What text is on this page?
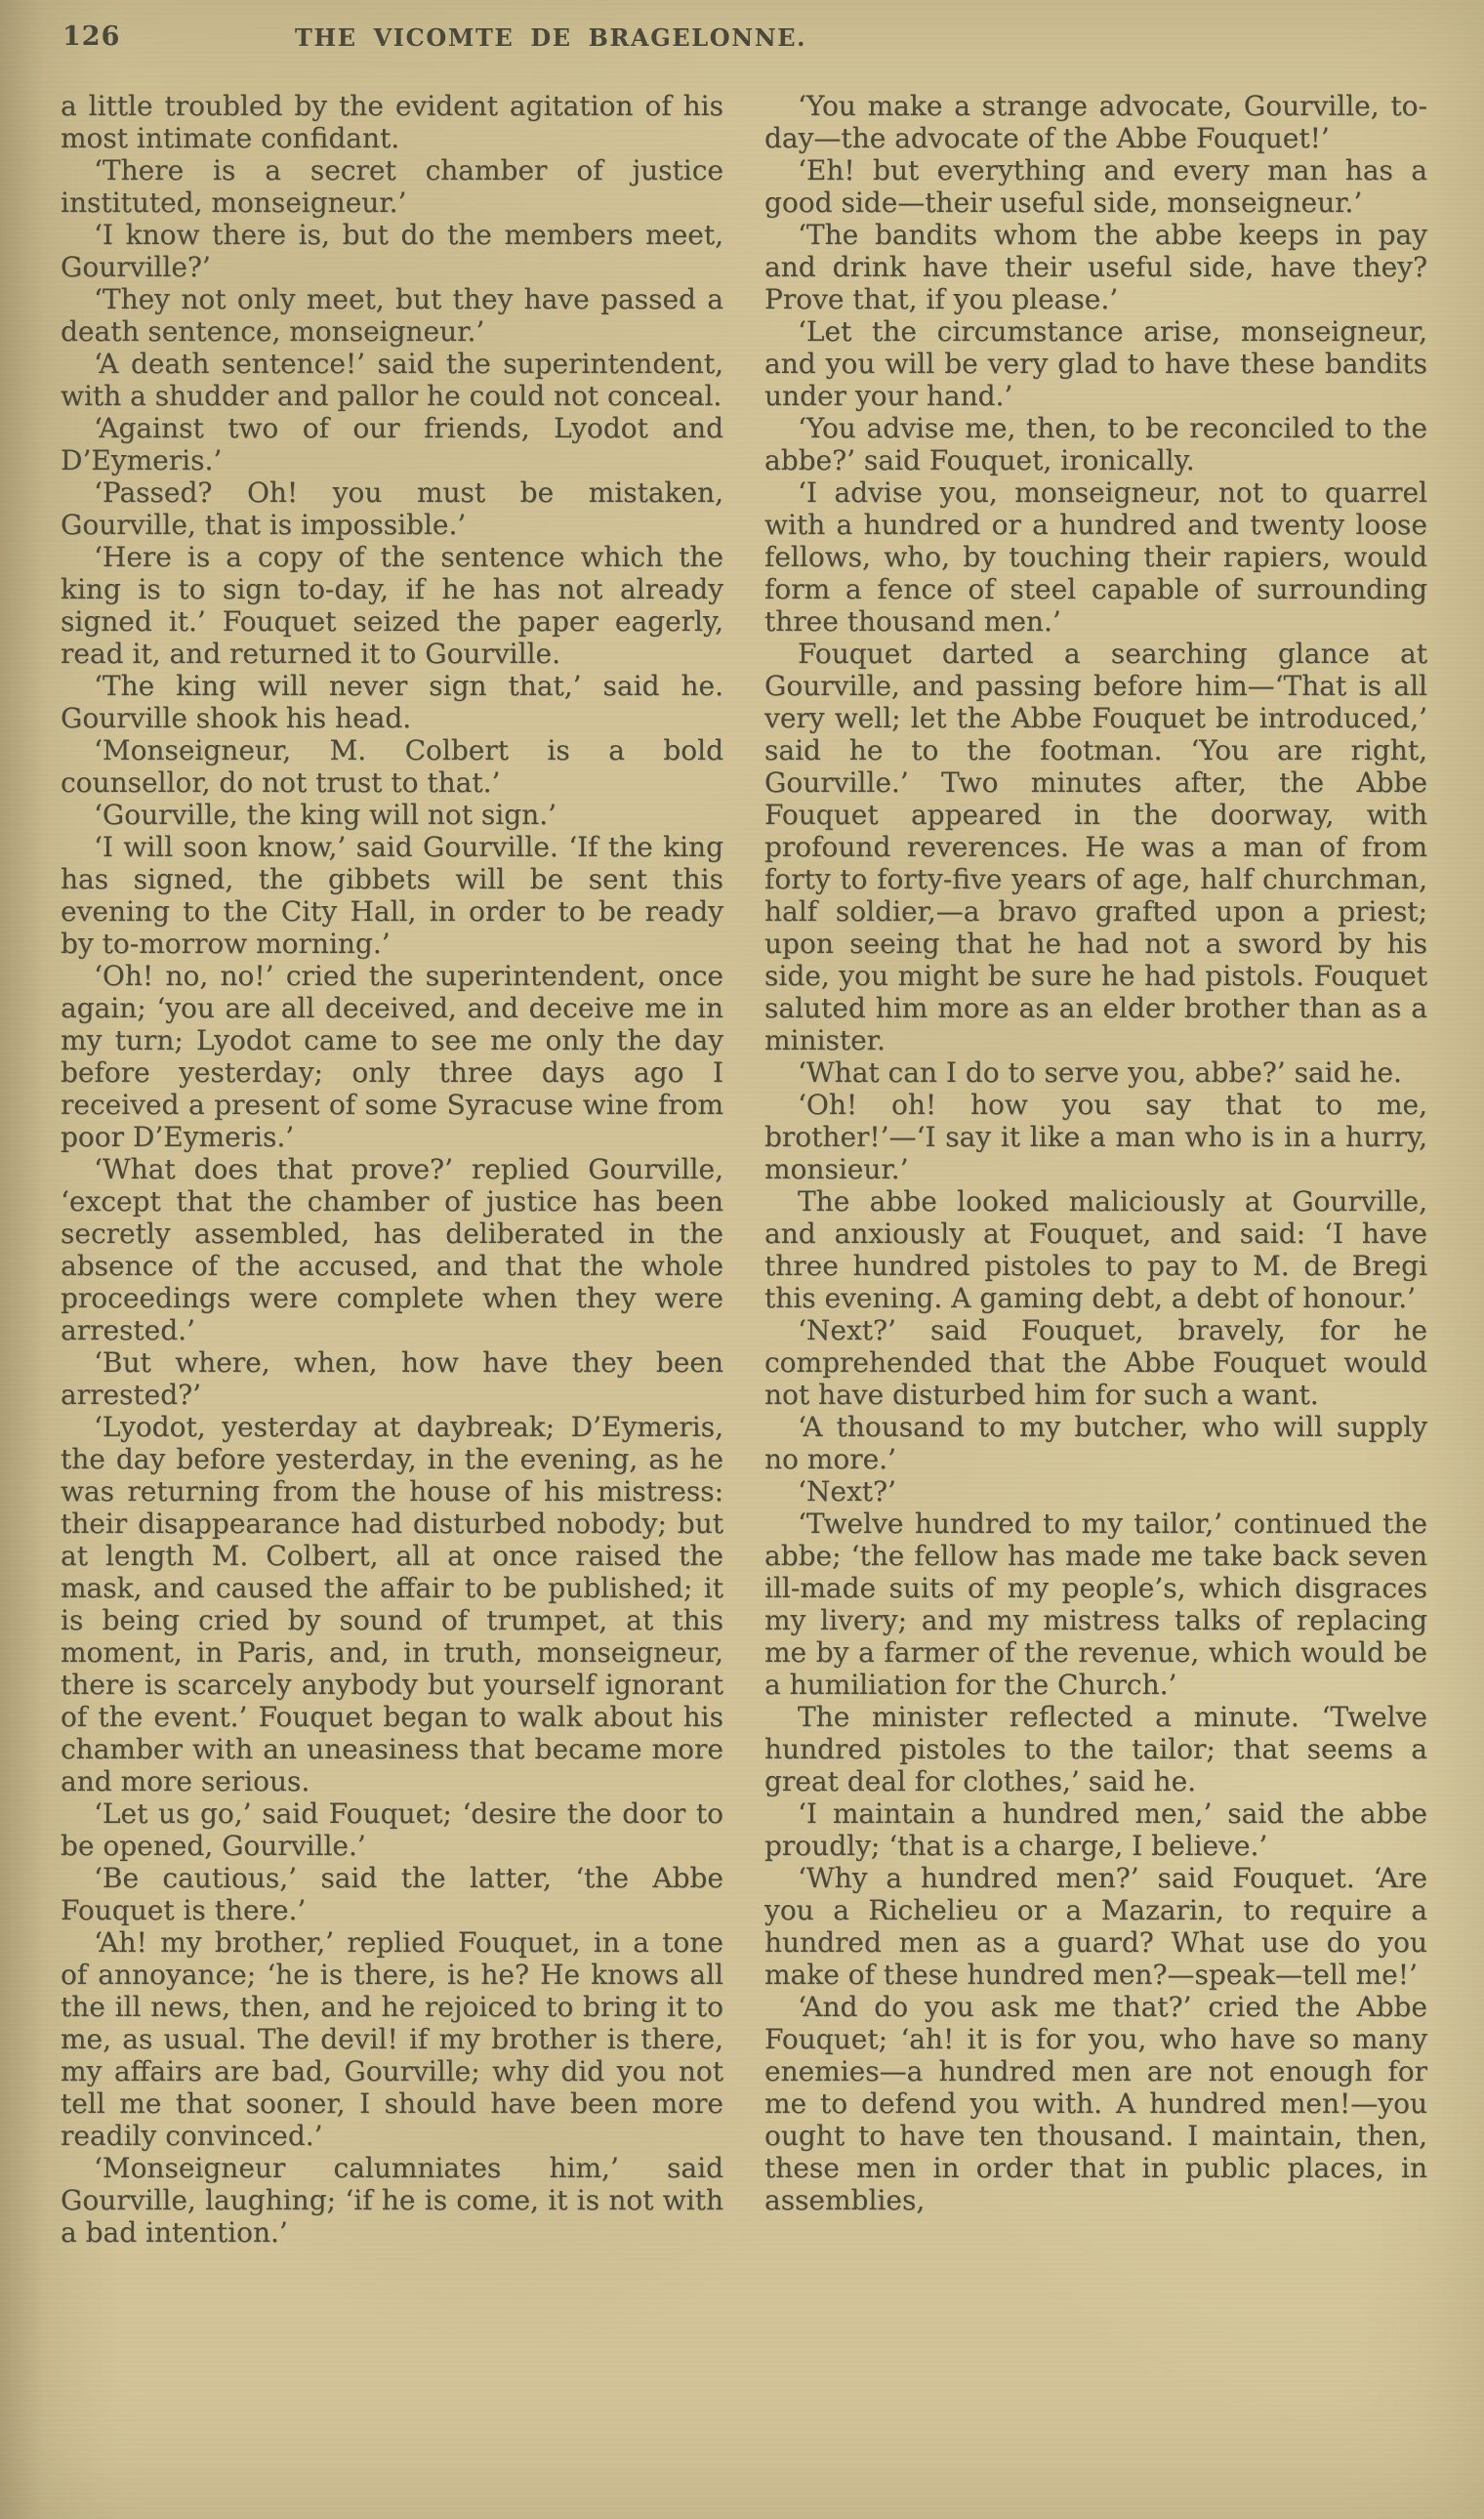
126	THE VICOMTE DE BRAGELONNE.

a little troubled by the evident agitation of his most intimate confidant.

‘There is a secret chamber of justice instituted, monseigneur.’

‘I know there is, but do the members meet, Gourville?’

‘They not only meet, but they have passed a death sentence, monseigneur.’

‘A death sentence!’ said the superintendent, with a shudder and pallor he could not conceal.

‘Against two of our friends, Lyodot and D’Eymeris.’

‘Passed? Oh! you must be mistaken, Gourville, that is impossible.’

‘Here is a copy of the sentence which the king is to sign to-day, if he has not already signed it.’ Fouquet seized the paper eagerly, read it, and returned it to Gourville.

‘The king will never sign that,’ said he. Gourville shook his head.

‘Monseigneur, M. Colbert is a bold counsellor, do not trust to that.’

‘Gourville, the king will not sign.’

‘I will soon know,’ said Gourville. ‘If the king has signed, the gibbets will be sent this evening to the City Hall, in order to be ready by to-morrow morning.’

‘Oh! no, no!’ cried the superintendent, once again; ‘you are all deceived, and deceive me in my turn; Lyodot came to see me only the day before yesterday; only three days ago I received a present of some Syracuse wine from poor D’Eymeris.’

‘What does that prove?’ replied Gourville, ‘except that the chamber of justice has been secretly assembled, has deliberated in the absence of the accused, and that the whole proceedings were complete when they were arrested.’

‘But where, when, how have they been arrested?’

‘Lyodot, yesterday at daybreak; D’Eymeris, the day before yesterday, in the evening, as he was returning from the house of his mistress: their disappearance had disturbed nobody; but at length M. Colbert, all at once raised the mask, and caused the affair to be published; it is being cried by sound of trumpet, at this moment, in Paris, and, in truth, monseigneur, there is scarcely anybody but yourself ignorant of the event.’ Fouquet began to walk about his chamber with an uneasiness that became more and more serious.

‘Let us go,’ said Fouquet; ‘desire the door to be opened, Gourville.’

‘Be cautious,’ said the latter, ‘the Abbe Fouquet is there.’

‘Ah! my brother,’ replied Fouquet, in a tone of annoyance; ‘he is there, is he? He knows all the ill news, then, and he rejoiced to bring it to me, as usual. The devil! if my brother is there, my affairs are bad, Gourville; why did you not tell me that sooner, I should have been more readily convinced.’

‘Monseigneur calumniates him,’ said Gourville, laughing; ‘if he is come, it is not with a bad intention.’

‘You make a strange advocate, Gourville, to-day—the advocate of the Abbe Fouquet!’

‘Eh! but everything and every man has a good side—their useful side, monseigneur.’

‘The bandits whom the abbe keeps in pay and drink have their useful side, have they? Prove that, if you please.’

‘Let the circumstance arise, monseigneur, and you will be very glad to have these bandits under your hand.’

‘You advise me, then, to be reconciled to the abbe?’ said Fouquet, ironically.

‘I advise you, monseigneur, not to quarrel with a hundred or a hundred and twenty loose fellows, who, by touching their rapiers, would form a fence of steel capable of surrounding three thousand men.’

Fouquet darted a searching glance at Gourville, and passing before him—‘That is all very well; let the Abbe Fouquet be introduced,’ said he to the footman. ‘You are right, Gourville.’ Two minutes after, the Abbe Fouquet appeared in the doorway, with profound reverences. He was a man of from forty to forty-five years of age, half churchman, half soldier,—a bravo grafted upon a priest; upon seeing that he had not a sword by his side, you might be sure he had pistols. Fouquet saluted him more as an elder brother than as a minister.

‘What can I do to serve you, abbe?’ said he.

‘Oh! oh! how you say that to me, brother!’—‘I say it like a man who is in a hurry, monsieur.’

The abbe looked maliciously at Gourville, and anxiously at Fouquet, and said: ‘I have three hundred pistoles to pay to M. de Bregi this evening. A gaming debt, a debt of honour.’

‘Next?’ said Fouquet, bravely, for he comprehended that the Abbe Fouquet would not have disturbed him for such a want.

‘A thousand to my butcher, who will supply no more.’

‘Next?’

‘Twelve hundred to my tailor,’ continued the abbe; ‘the fellow has made me take back seven ill-made suits of my people’s, which disgraces my livery; and my mistress talks of replacing me by a farmer of the revenue, which would be a humiliation for the Church.’

The minister reflected a minute. ‘Twelve hundred pistoles to the tailor; that seems a great deal for clothes,’ said he.

‘I maintain a hundred men,’ said the abbe proudly; ‘that is a charge, I believe.’

‘Why a hundred men?’ said Fouquet. ‘Are you a Richelieu or a Mazarin, to require a hundred men as a guard? What use do you make of these hundred men?—speak—tell me!’

‘And do you ask me that?’ cried the Abbe Fouquet; ‘ah! it is for you, who have so many enemies—a hundred men are not enough for me to defend you with. A hundred men!—you ought to have ten thousand. I maintain, then, these men in order that in public places, in assemblies,
